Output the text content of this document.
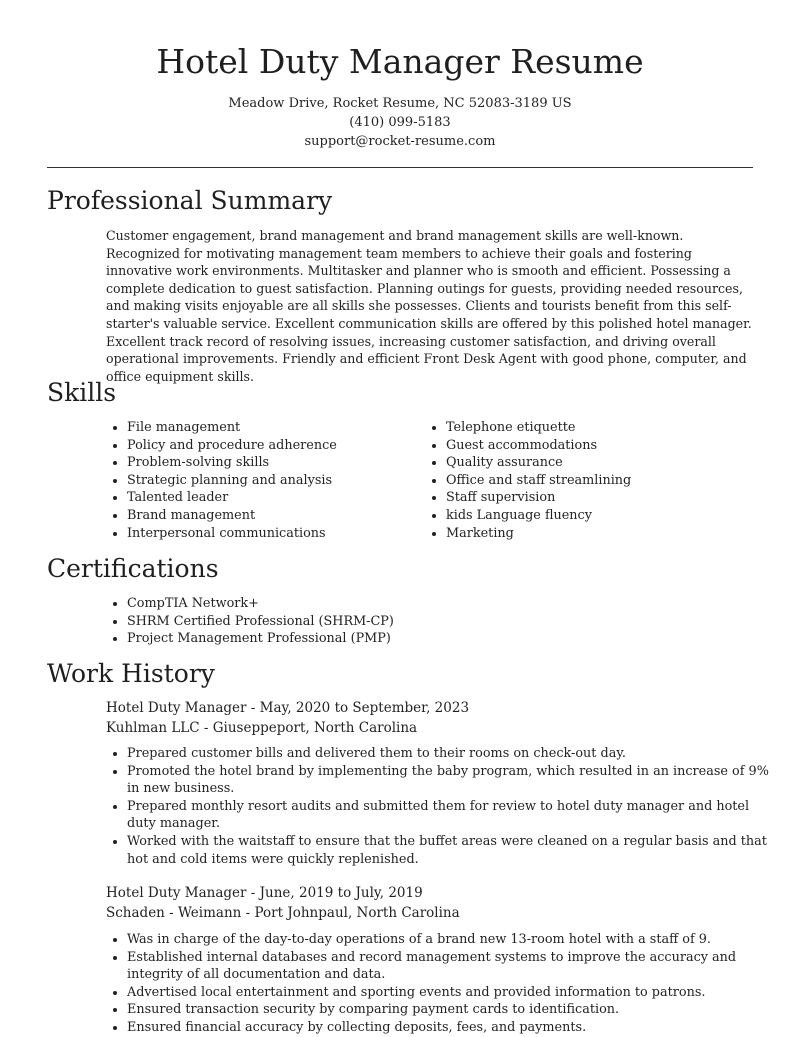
Hotel Duty Manager Resume
Meadow Drive, Rocket Resume, NC 52083-3189 US
(410) 099-5183
support@rocket-resume.com
Professional Summary
Customer engagement, brand management and brand management skills are well-known. Recognized for motivating management team members to achieve their goals and fostering innovative work environments. Multitasker and planner who is smooth and efficient. Possessing a complete dedication to guest satisfaction. Planning outings for guests, providing needed resources, and making visits enjoyable are all skills she possesses. Clients and tourists benefit from this self-starter's valuable service. Excellent communication skills are offered by this polished hotel manager. Excellent track record of resolving issues, increasing customer satisfaction, and driving overall operational improvements. Friendly and efficient Front Desk Agent with good phone, computer, and office equipment skills.
Skills
• File management
• Policy and procedure adherence
• Problem-solving skills
• Strategic planning and analysis
• Talented leader
• Brand management
• Interpersonal communications
• Telephone etiquette
• Guest accommodations
• Quality assurance
• Office and staff streamlining
• Staff supervision
• kids Language fluency
• Marketing
Certifications
• CompTIA Network+
• SHRM Certified Professional (SHRM-CP)
• Project Management Professional (PMP)
Work History
Hotel Duty Manager - May, 2020 to September, 2023
Kuhlman LLC - Giuseppeport, North Carolina
• Prepared customer bills and delivered them to their rooms on check-out day.
• Promoted the hotel brand by implementing the baby program, which resulted in an increase of 9% in new business.
• Prepared monthly resort audits and submitted them for review to hotel duty manager and hotel duty manager.
• Worked with the waitstaff to ensure that the buffet areas were cleaned on a regular basis and that hot and cold items were quickly replenished.
Hotel Duty Manager - June, 2019 to July, 2019
Schaden - Weimann - Port Johnpaul, North Carolina
• Was in charge of the day-to-day operations of a brand new 13-room hotel with a staff of 9.
• Established internal databases and record management systems to improve the accuracy and integrity of all documentation and data.
• Advertised local entertainment and sporting events and provided information to patrons.
• Ensured transaction security by comparing payment cards to identification.
• Ensured financial accuracy by collecting deposits, fees, and payments.
